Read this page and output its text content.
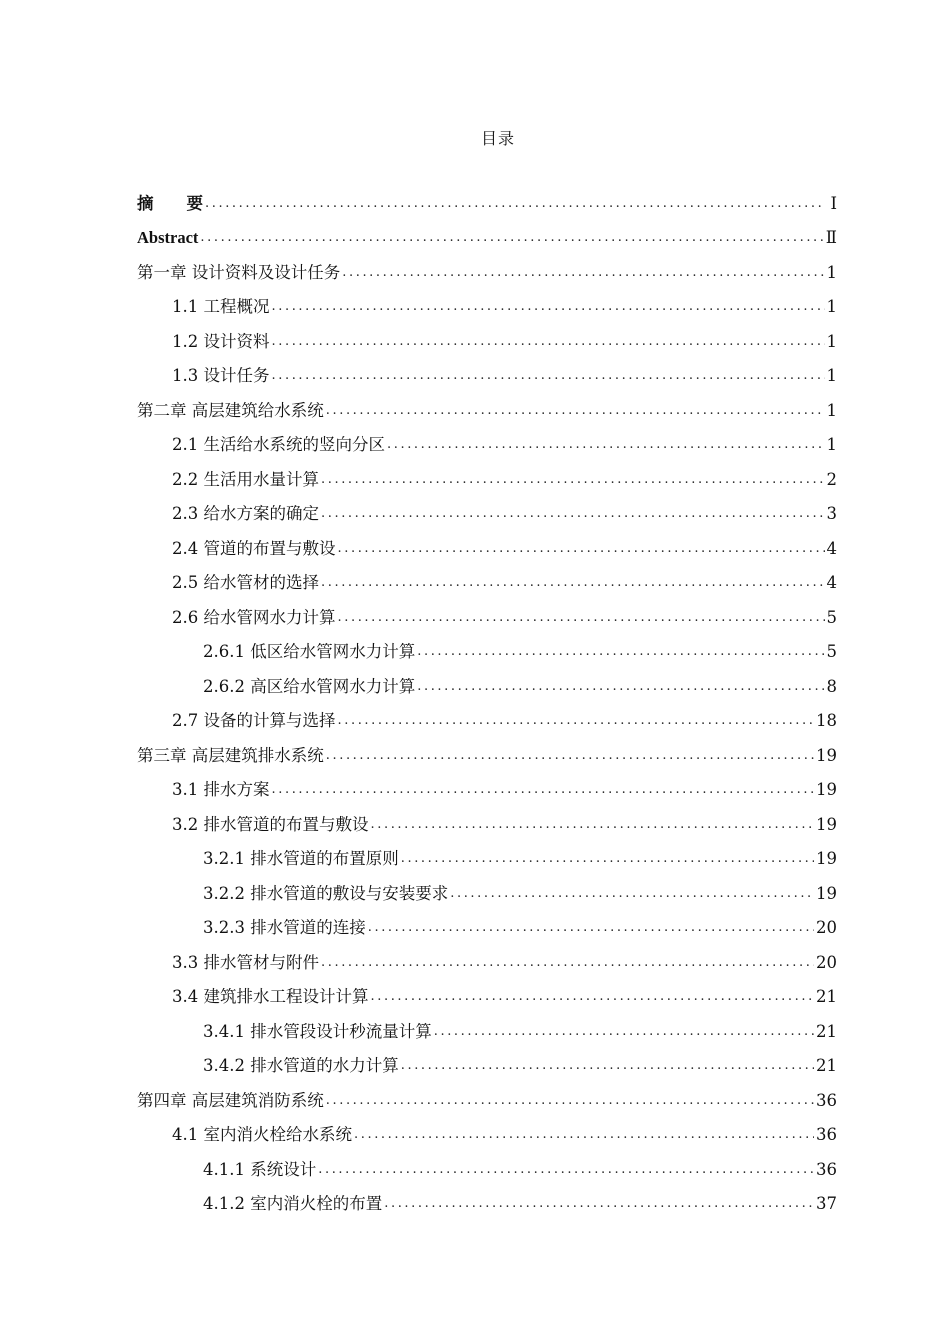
目录
摘　　要 .....	Ⅰ
Abstract .....	Ⅱ
第一章 设计资料及设计任务 .....	1
1.1 工程概况 .....	1
1.2 设计资料 .....	1
1.3 设计任务 .....	1
第二章 高层建筑给水系统 .....	1
2.1 生活给水系统的竖向分区 .....	1
2.2 生活用水量计算 .....	2
2.3 给水方案的确定 .....	3
2.4 管道的布置与敷设 .....	4
2.5 给水管材的选择 .....	4
2.6 给水管网水力计算 .....	5
2.6.1 低区给水管网水力计算 .....	5
2.6.2 高区给水管网水力计算 .....	8
2.7 设备的计算与选择 .....	18
第三章 高层建筑排水系统 .....	19
3.1 排水方案 .....	19
3.2 排水管道的布置与敷设 .....	19
3.2.1 排水管道的布置原则 .....	19
3.2.2 排水管道的敷设与安装要求 .....	19
3.2.3 排水管道的连接 .....	20
3.3 排水管材与附件 .....	20
3.4 建筑排水工程设计计算 .....	21
3.4.1 排水管段设计秒流量计算 .....	21
3.4.2 排水管道的水力计算 .....	21
第四章 高层建筑消防系统 .....	36
4.1 室内消火栓给水系统 .....	36
4.1.1 系统设计 .....	36
4.1.2 室内消火栓的布置 .....	37
